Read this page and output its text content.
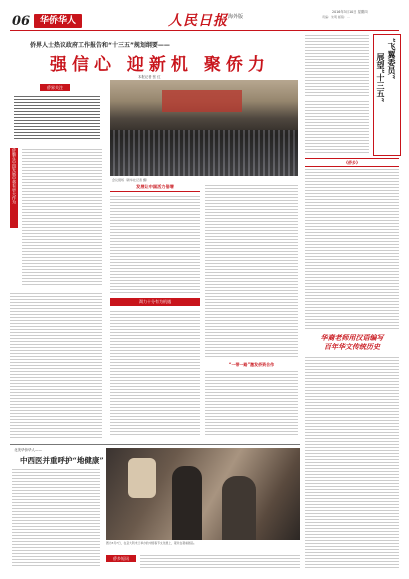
06	华侨华人	人民日报 海外版
2016年3月10日 星期四
责编：朱明 邮箱：...
侨界人士热议政府工作报告和“十三五”规划纲要——
强信心 迎新机 聚侨力
本报记者 张 红
侨界关注
侨胞在中国发展中将有更大作为	会议现场（新华社记者 摄）
发展让中国活力倍增
渴力十分有为机遇
“一带一路”激发侨资合作
“飞翼委员”
展望“十三五”
《侨乡》
华裔老师用汉语编写
百年华文传统历史
北美华侨华人——
中西医并重呼护“地健康”
图为3月7日，在意大利米兰举办的中国春节文化展上，观众在观看展品。
侨乡短讯
